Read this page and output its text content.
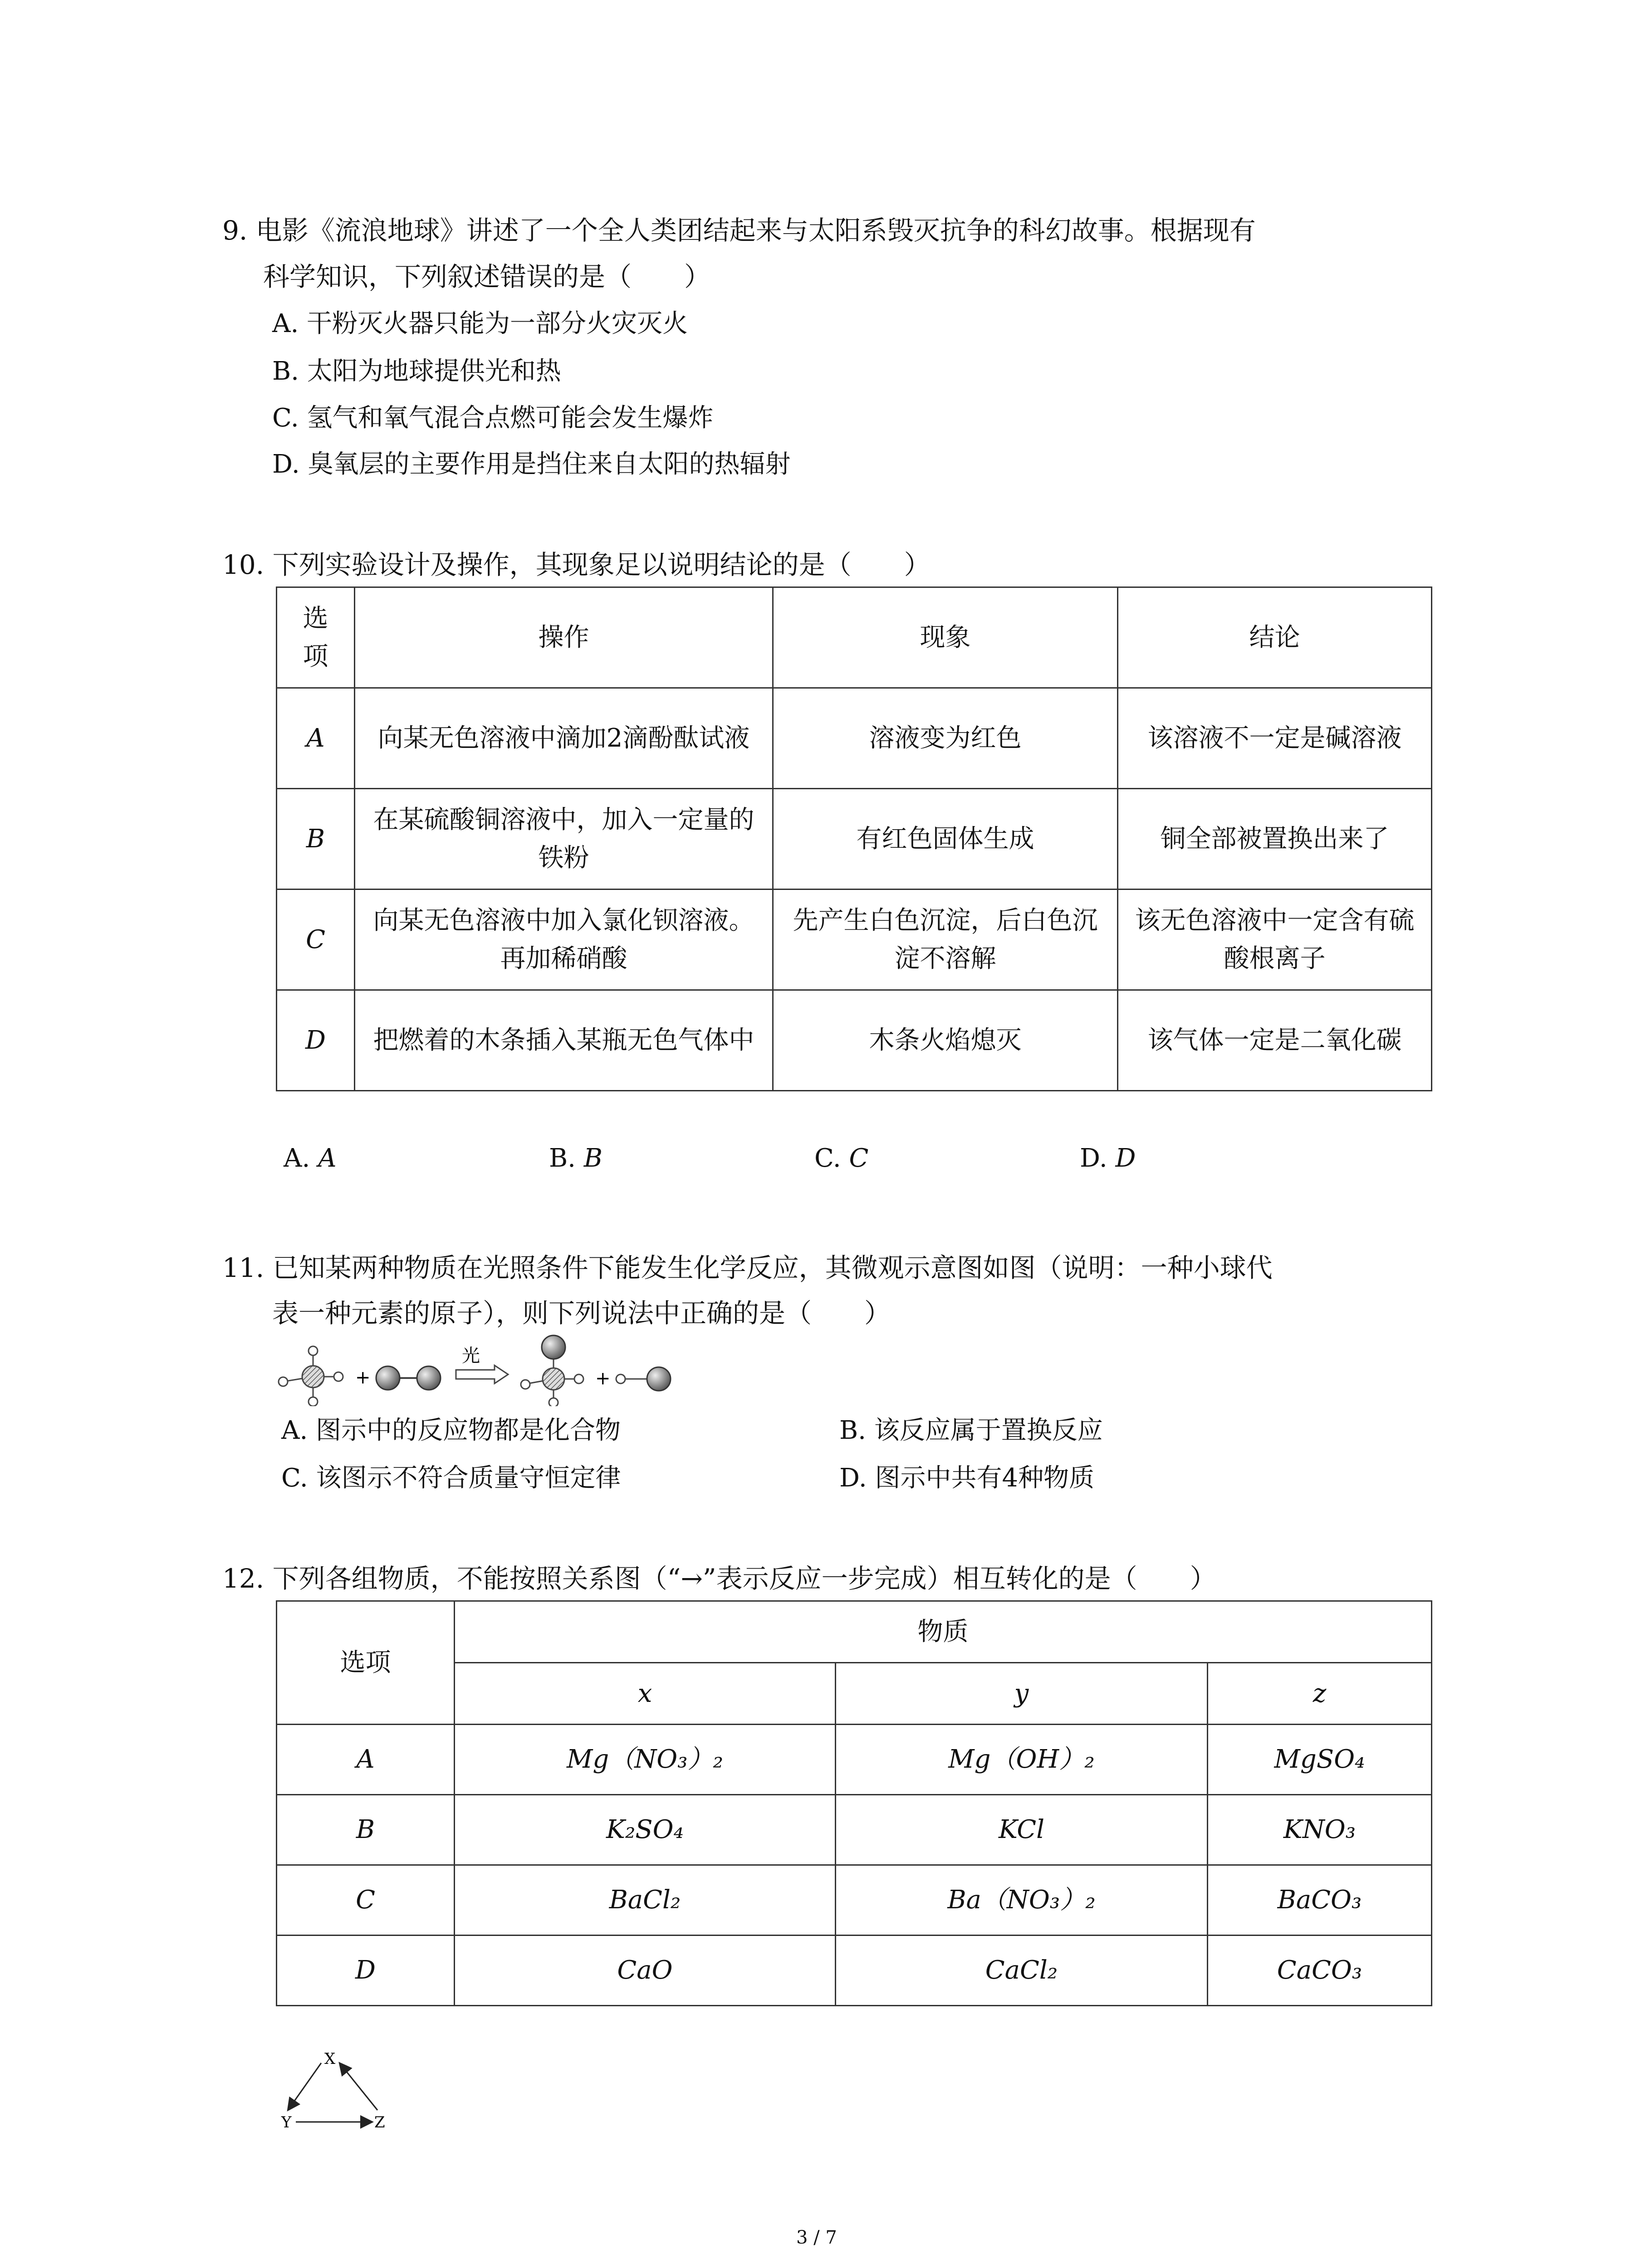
9. 电影《流浪地球》讲述了一个全人类团结起来与太阳系毁灭抗争的科幻故事。根据现有
科学知识，下列叙述错误的是（　　）
A. 干粉灭火器只能为一部分火灾灭火
B. 太阳为地球提供光和热
C. 氢气和氧气混合点燃可能会发生爆炸
D. 臭氧层的主要作用是挡住来自太阳的热辐射
10. 下列实验设计及操作，其现象足以说明结论的是（　　）
选项	操作	现象	结论
A	向某无色溶液中滴加2滴酚酞试液	溶液变为红色	该溶液不一定是碱溶液
B	在某硫酸铜溶液中，加入一定量的铁粉	有红色固体生成	铜全部被置换出来了
C	向某无色溶液中加入氯化钡溶液。再加稀硝酸	先产生白色沉淀，后白色沉淀不溶解	该无色溶液中一定含有硫酸根离子
D	把燃着的木条插入某瓶无色气体中	木条火焰熄灭	该气体一定是二氧化碳
A. A	B. B	C. C	D. D
11. 已知某两种物质在光照条件下能发生化学反应，其微观示意图如图（说明：一种小球代
表一种元素的原子），则下列说法中正确的是（　　）
+
光
+
A. 图示中的反应物都是化合物	B. 该反应属于置换反应
C. 该图示不符合质量守恒定律	D. 图示中共有4种物质
12. 下列各组物质，不能按照关系图（“→”表示反应一步完成）相互转化的是（　　）
选项	物质		
	x	y	z
A	Mg（NO₃）₂	Mg（OH）₂	MgSO₄
B	K₂SO₄	KCl	KNO₃
C	BaCl₂	Ba（NO₃）₂	BaCO₃
D	CaO	CaCl₂	CaCO₃
X
Y	Z
3 / 7
